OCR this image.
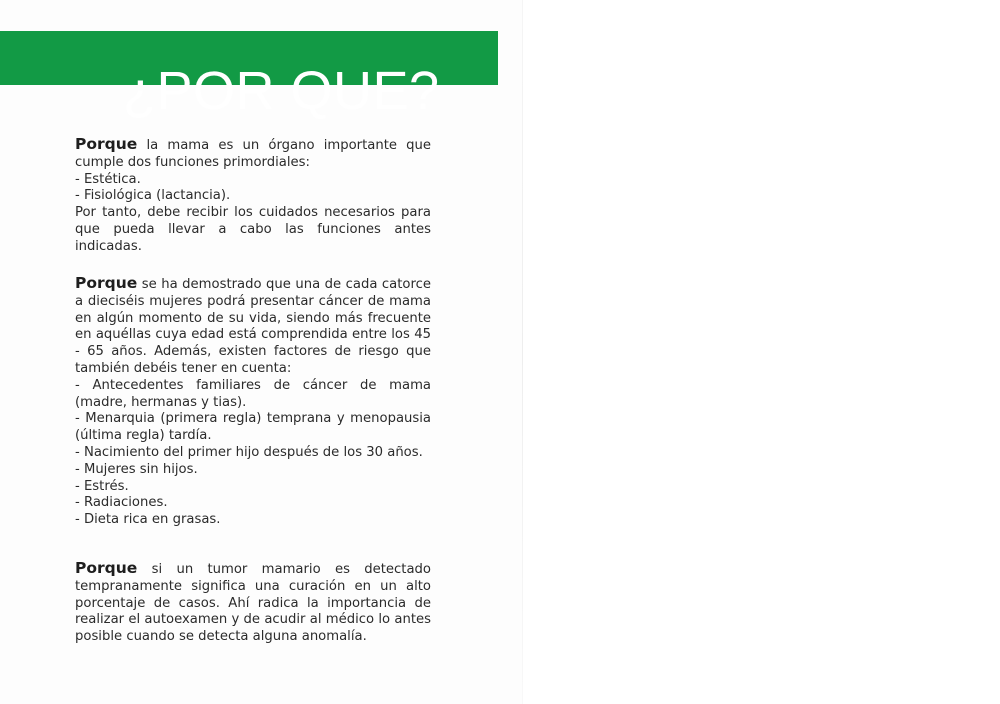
¿POR QUE?

Porque la mama es un órgano importante que cumple dos funciones primordiales:

- Estética.

- Fisiológica (lactancia).

Por tanto, debe recibir los cuidados necesarios para que pueda llevar a cabo las funciones antes indicadas.

Porque se ha demostrado que una de cada catorce a dieciséis mujeres podrá presentar cáncer de mama en algún momento de su vida, siendo más frecuente en aquéllas cuya edad está comprendida entre los 45 - 65 años. Además, existen factores de riesgo que también debéis tener en cuenta:

- Antecedentes familiares de cáncer de mama (madre, hermanas y tias).

- Menarquia (primera regla) temprana y menopausia (última regla) tardía.

- Nacimiento del primer hijo después de los 30 años.

- Mujeres sin hijos.

- Estrés.

- Radiaciones.

- Dieta rica en grasas.

Porque si un tumor mamario es detectado tempranamente significa una curación en un alto porcentaje de casos. Ahí radica la importancia de realizar el autoexamen y de acudir al médico lo antes posible cuando se detecta alguna anomalía.
